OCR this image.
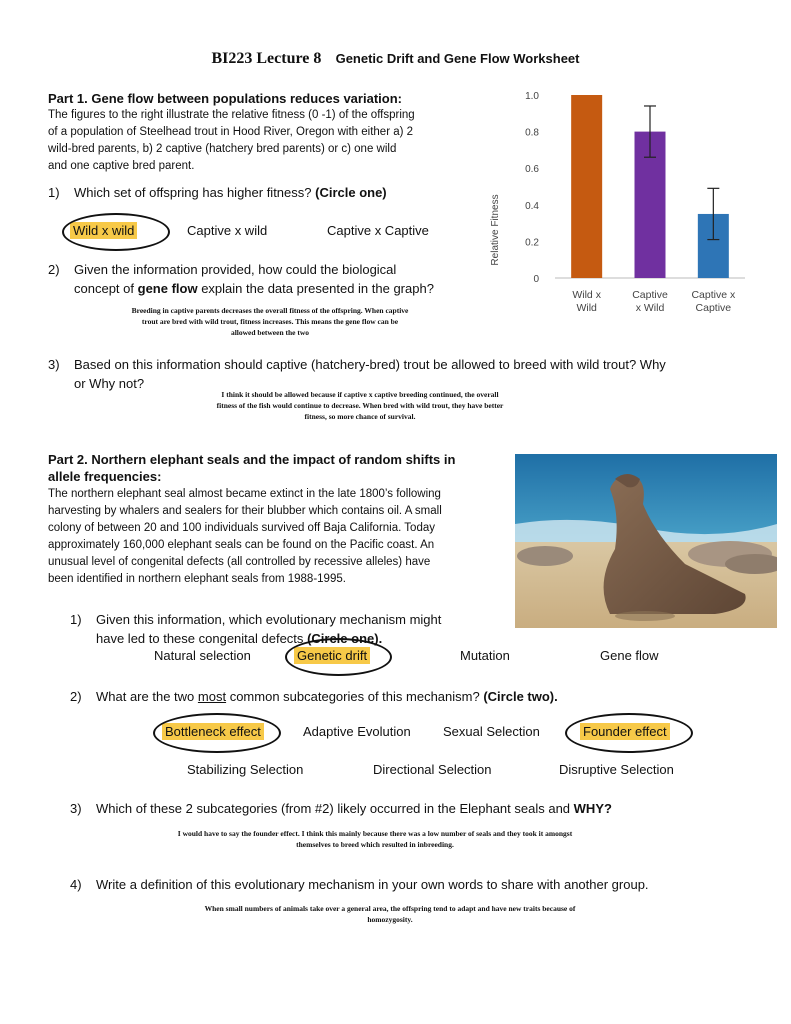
BI223 Lecture 8 Genetic Drift and Gene Flow Worksheet
Part 1. Gene flow between populations reduces variation:
The figures to the right illustrate the relative fitness (0 -1) of the offspring
of a population of Steelhead trout in Hood River, Oregon with either a) 2
wild-bred parents, b) 2 captive (hatchery bred parents) or c) one wild
and one captive bred parent.
1) Which set of offspring has higher fitness? (Circle one)
Wild x wild	Captive x wild	Captive x Captive
2) Given the information provided, how could the biological
concept of gene flow explain the data presented in the graph?
Breeding in captive parents decreases the overall fitness of the offspring. When captive
trout are bred with wild trout, fitness increases. This means the gene flow can be
allowed between the two
3) Based on this information should captive (hatchery-bred) trout be allowed to breed with wild trout? Why
or Why not?
I think it should be allowed because if captive x captive breeding continued, the overall
fitness of the fish would continue to decrease. When bred with wild trout, they have better
fitness, so more chance of survival.
0
0.2
0.4
0.6
0.8
1.0
Wild x
Wild
Captive
x Wild
Captive x
Captive
Relative Fitness
Part 2. Northern elephant seals and the impact of random shifts in
allele frequencies:
The northern elephant seal almost became extinct in the late 1800’s following
harvesting by whalers and sealers for their blubber which contains oil. A small
colony of between 20 and 100 individuals survived off Baja California. Today
approximately 160,000 elephant seals can be found on the Pacific coast. An
unusual level of congenital defects (all controlled by recessive alleles) have
been identified in northern elephant seals from 1988-1995.
1) Given this information, which evolutionary mechanism might
have led to these congenital defects (Circle one).
Natural selection	Genetic drift	Mutation	Gene flow
2) What are the two most common subcategories of this mechanism? (Circle two).
Bottleneck effect	Adaptive Evolution Sexual Selection	Founder effect
Stabilizing Selection	Directional Selection	Disruptive Selection
3) Which of these 2 subcategories (from #2) likely occurred in the Elephant seals and WHY?
I would have to say the founder effect. I think this mainly because there was a low number of seals and they took it amongst
themselves to breed which resulted in inbreeding.
4) Write a definition of this evolutionary mechanism in your own words to share with another group.
When small numbers of animals take over a general area, the offspring tend to adapt and have new traits because of
homozygosity.
